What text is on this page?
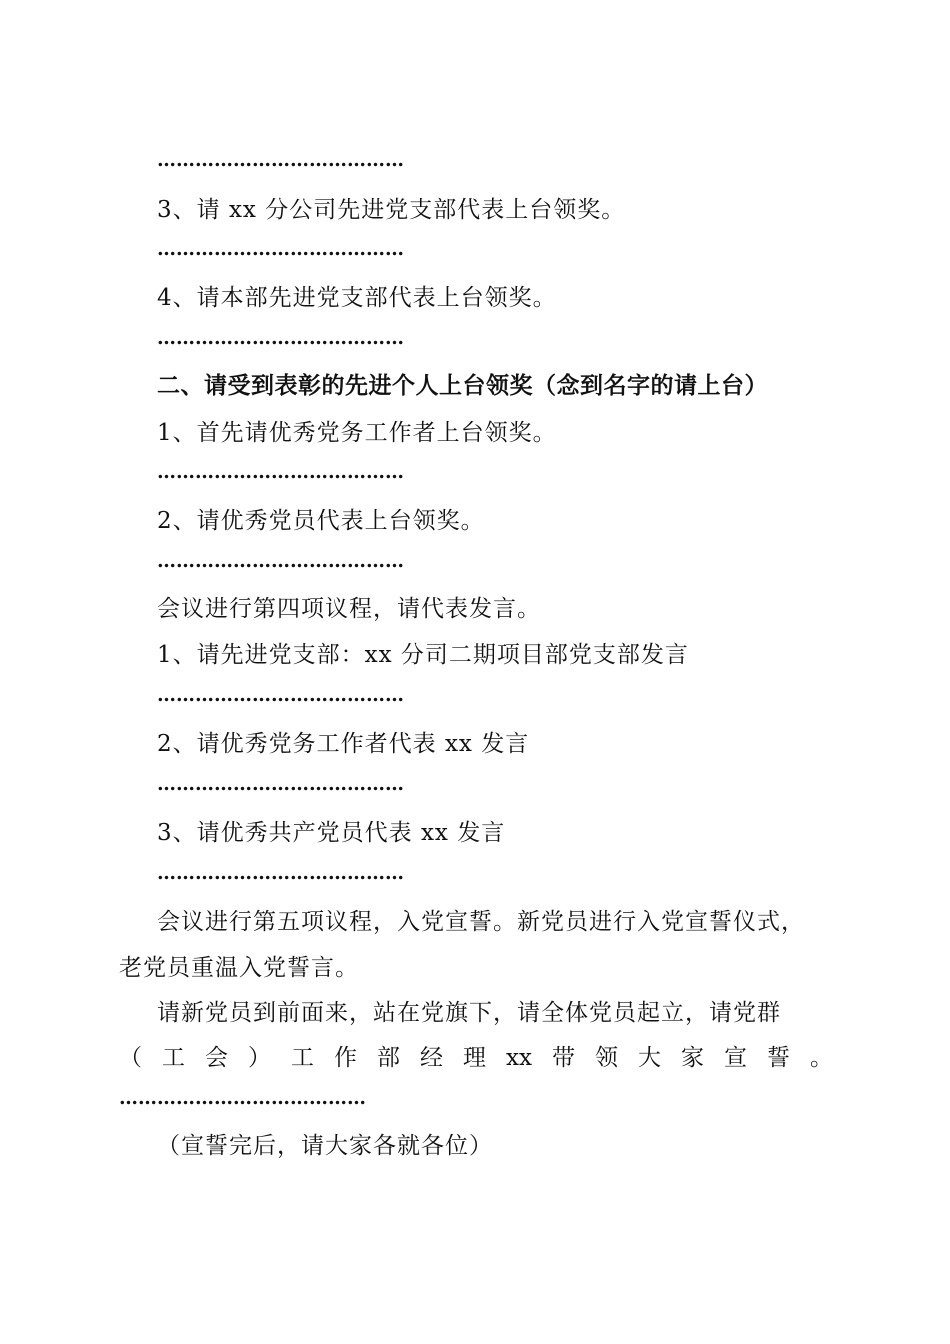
…………………………………
3、请 xx 分公司先进党支部代表上台领奖。
…………………………………
4、请本部先进党支部代表上台领奖。
…………………………………
二、请受到表彰的先进个人上台领奖（念到名字的请上台）
1、首先请优秀党务工作者上台领奖。
…………………………………
2、请优秀党员代表上台领奖。
…………………………………
会议进行第四项议程，请代表发言。
1、请先进党支部：xx 分司二期项目部党支部发言
…………………………………
2、请优秀党务工作者代表 xx 发言
…………………………………
3、请优秀共产党员代表 xx 发言
…………………………………
会议进行第五项议程，入党宣誓。新党员进行入党宣誓仪式，
老党员重温入党誓言。
请新党员到前面来，站在党旗下，请全体党员起立，请党群
（ 工 会 ） 工 作 部 经 理 xx 带 领 大 家 宣 誓 。
…………………………………
（宣誓完后，请大家各就各位）
